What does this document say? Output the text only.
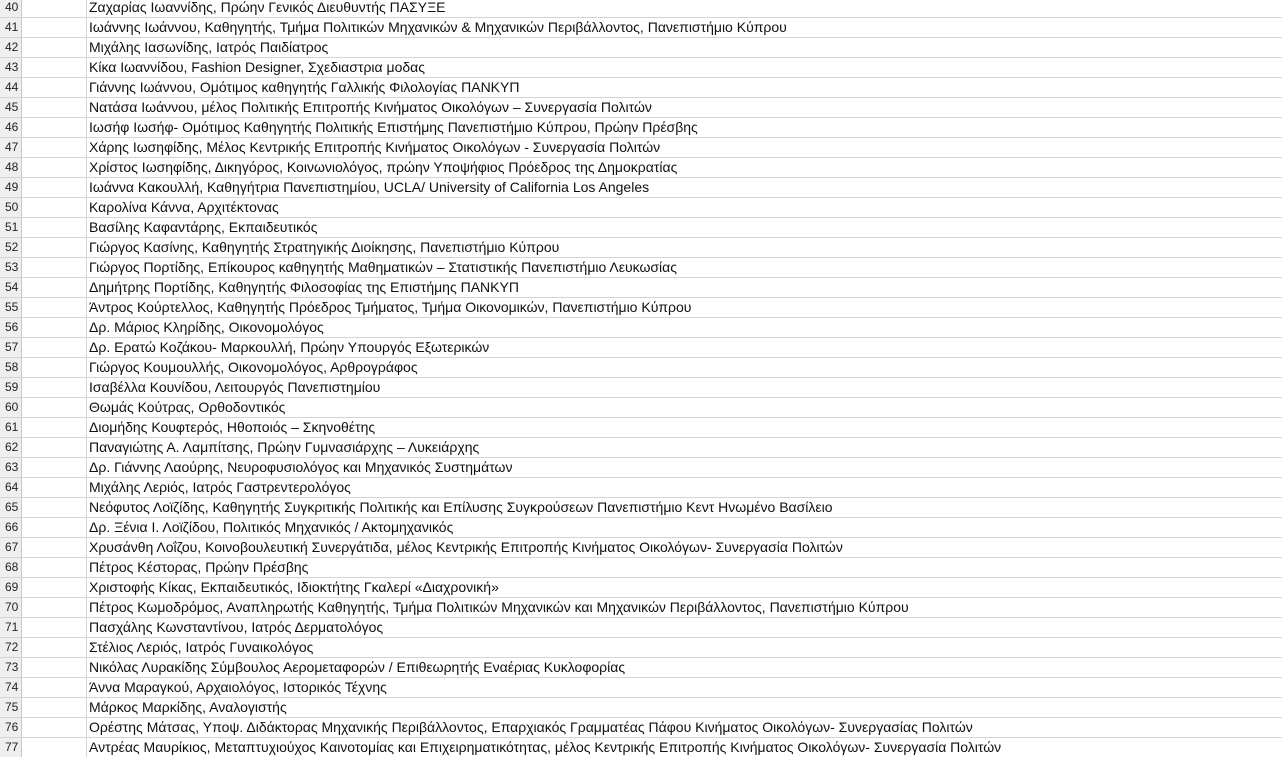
40	Ζαχαρίας Ιωαννίδης, Πρώην Γενικός Διευθυντής ΠΑΣΥΞΕ
41	Ιωάννης Ιωάννου, Καθηγητής, Τμήμα Πολιτικών Μηχανικών & Μηχανικών Περιβάλλοντος, Πανεπιστήμιο Κύπρου
42	Μιχάλης Ιασωνίδης, Ιατρός Παιδίατρος
43	Κίκα Ιωαννίδου, Fashion Designer, Σχεδιαστρια μοδας
44	Γιάννης Ιωάννου, Ομότιμος καθηγητής Γαλλικής Φιλολογίας ΠΑΝΚΥΠ
45	Νατάσα Ιωάννου, μέλος Πολιτικής Επιτροπής Κινήματος Οικολόγων – Συνεργασία Πολιτών
46	Ιωσήφ Ιωσήφ- Ομότιμος Καθηγητής Πολιτικής Επιστήμης Πανεπιστήμιο Κύπρου, Πρώην Πρέσβης
47	Χάρης Ιωσηφίδης, Μέλος Κεντρικής Επιτροπής Κινήματος Οικολόγων - Συνεργασία Πολιτών
48	Χρίστος Ιωσηφίδης, Δικηγόρος, Κοινωνιολόγος, πρώην Υποψήφιος Πρόεδρος της Δημοκρατίας
49	Ιωάννα Κακουλλή, Καθηγήτρια Πανεπιστημίου, UCLA/ University of California Los Angeles
50	Καρολίνα Κάννα, Αρχιτέκτονας
51	Βασίλης Καφαντάρης, Εκπαιδευτικός
52	Γιώργος Κασίνης, Καθηγητής Στρατηγικής Διοίκησης, Πανεπιστήμιο Κύπρου
53	Γιώργος Πορτίδης, Επίκουρος καθηγητής Μαθηματικών – Στατιστικής Πανεπιστήμιο Λευκωσίας
54	Δημήτρης Πορτίδης, Καθηγητής Φιλοσοφίας της Επιστήμης ΠΑΝΚΥΠ
55	Άντρος Κούρτελλος, Καθηγητής Πρόεδρος Τμήματος, Τμήμα Οικονομικών, Πανεπιστήμιο Κύπρου
56	Δρ. Μάριος Κληρίδης, Οικονομολόγος
57	Δρ. Ερατώ Κοζάκου- Μαρκουλλή, Πρώην Υπουργός Εξωτερικών
58	Γιώργος Κουμουλλής, Οικονομολόγος, Αρθρογράφος
59	Ισαβέλλα Κουνίδου, Λειτουργός Πανεπιστημίου
60	Θωμάς Κούτρας, Ορθοδοντικός
61	Διομήδης Κουφτερός, Ηθοποιός – Σκηνοθέτης
62	Παναγιώτης Α. Λαμπίτσης, Πρώην Γυμνασιάρχης – Λυκειάρχης
63	Δρ. Γιάννης Λαούρης, Νευροφυσιολόγος και Μηχανικός Συστημάτων
64	Μιχάλης Λεριός, Ιατρός Γαστρεντερολόγος
65	Νεόφυτος Λοϊζίδης, Καθηγητής Συγκριτικής Πολιτικής και Επίλυσης Συγκρούσεων Πανεπιστήμιο Κεντ Ηνωμένο Βασίλειο
66	Δρ. Ξένια Ι. Λοϊζίδου, Πολιτικός Μηχανικός / Ακτομηχανικός
67	Χρυσάνθη Λοΐζου, Κοινοβουλευτική Συνεργάτιδα, μέλος Κεντρικής Επιτροπής Κινήματος Οικολόγων- Συνεργασία Πολιτών
68	Πέτρος Κέστορας, Πρώην Πρέσβης
69	Χριστοφής Κίκας, Εκπαιδευτικός, Ιδιοκτήτης Γκαλερί «Διαχρονική»
70	Πέτρος Κωμοδρόμος, Αναπληρωτής Καθηγητής, Τμήμα Πολιτικών Μηχανικών και Μηχανικών Περιβάλλοντος, Πανεπιστήμιο Κύπρου
71	Πασχάλης Κωνσταντίνου, Ιατρός Δερματολόγος
72	Στέλιος Λεριός, Ιατρός Γυναικολόγος
73	Νικόλας Λυρακίδης Σύμβουλος Αερομεταφορών / Επιθεωρητής Εναέριας Κυκλοφορίας
74	Άννα Μαραγκού, Αρχαιολόγος, Ιστορικός Τέχνης
75	Μάρκος Μαρκίδης, Αναλογιστής
76	Ορέστης Μάτσας, Υποψ. Διδάκτορας Μηχανικής Περιβάλλοντος, Επαρχιακός Γραμματέας Πάφου Κινήματος Οικολόγων- Συνεργασίας Πολιτών
77	Αντρέας Μαυρίκιος, Μεταπτυχιούχος Καινοτομίας και Επιχειρηματικότητας, μέλος Κεντρικής Επιτροπής Κινήματος Οικολόγων- Συνεργασία Πολιτών
